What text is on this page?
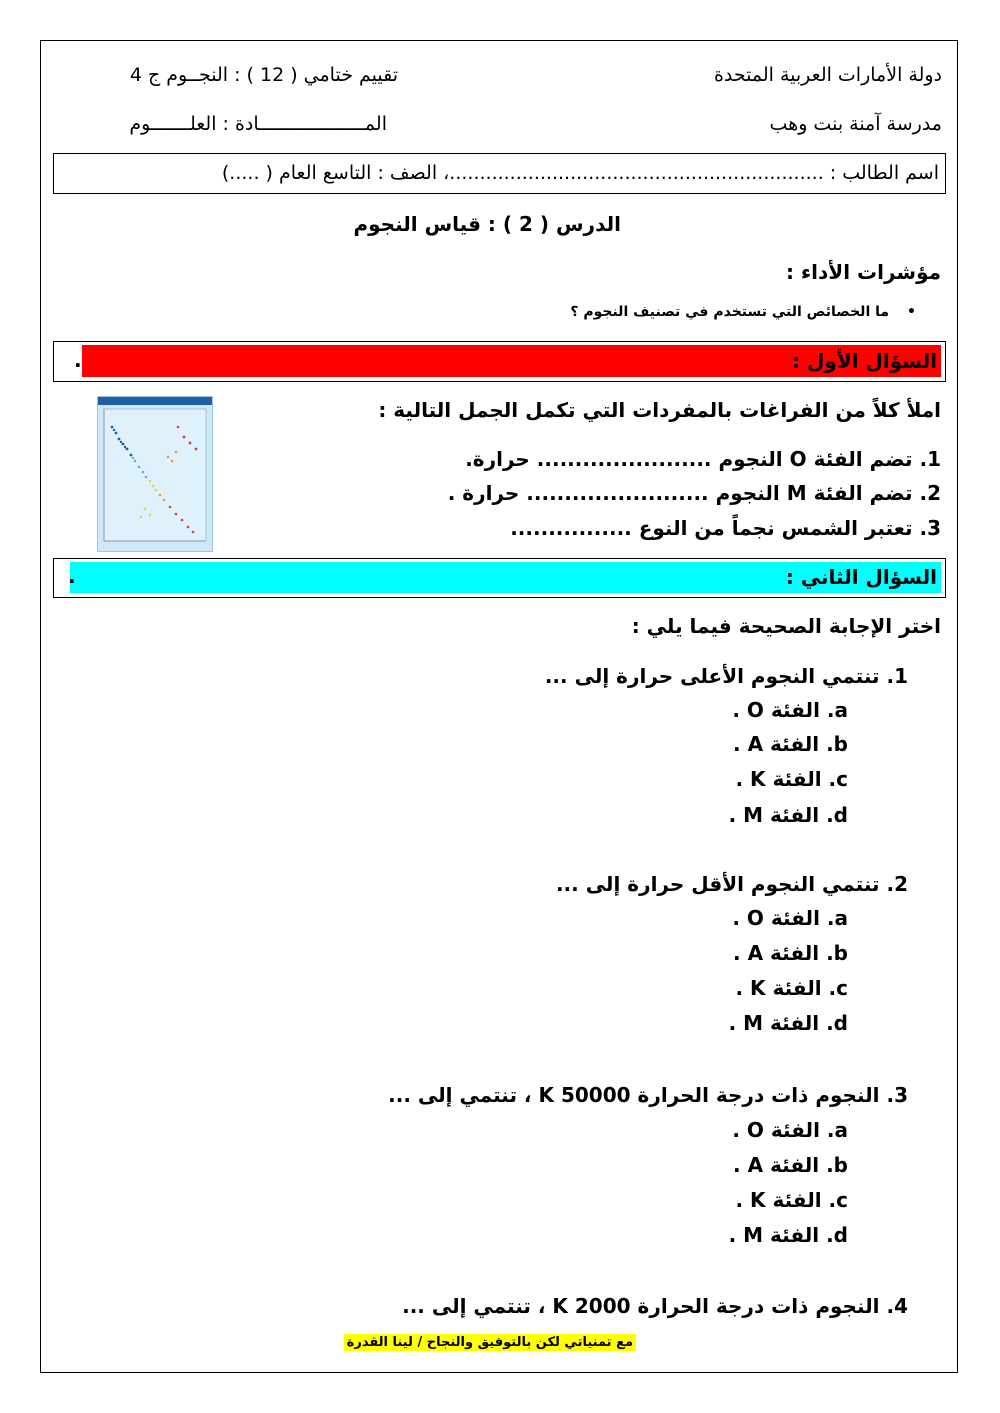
دولة الأمارات العربية المتحدة
تقييم ختامي ( 12 ) : النجــوم ج 4
مدرسة آمنة بنت وهب
المـــــــــــــــــــادة : العلـــــــوم
اسم الطالب : ..............................................................، الصف : التاسع العام ( .....)
الدرس ( 2 ) : قياس النجوم
مؤشرات الأداء :
•ما الخصائص التي تستخدم في تصنيف النجوم ؟
السؤال الأول :
.
املأ كلاً من الفراغات بالمفردات التي تكمل الجمل التالية :
1. تضم الفئة O النجوم ....................... حرارة.
2. تضم الفئة M النجوم ........................ حرارة .
3. تعتبر الشمس نجماً من النوع ................
السؤال الثاني :
.
اختر الإجابة الصحيحة فيما يلي :
1. تنتمي النجوم الأعلى حرارة إلى ...
a. الفئة O .
b. الفئة A .
c. الفئة K .
d. الفئة M .
2. تنتمي النجوم الأقل حرارة إلى ...
a. الفئة O .
b. الفئة A .
c. الفئة K .
d. الفئة M .
3. النجوم ذات درجة الحرارة 50000 K ، تنتمي إلى ...
a. الفئة O .
b. الفئة A .
c. الفئة K .
d. الفئة M .
4. النجوم ذات درجة الحرارة 2000 K ، تنتمي إلى ...
مع تمنياتي لكن بالتوفيق والنجاح / لينا القدرة
